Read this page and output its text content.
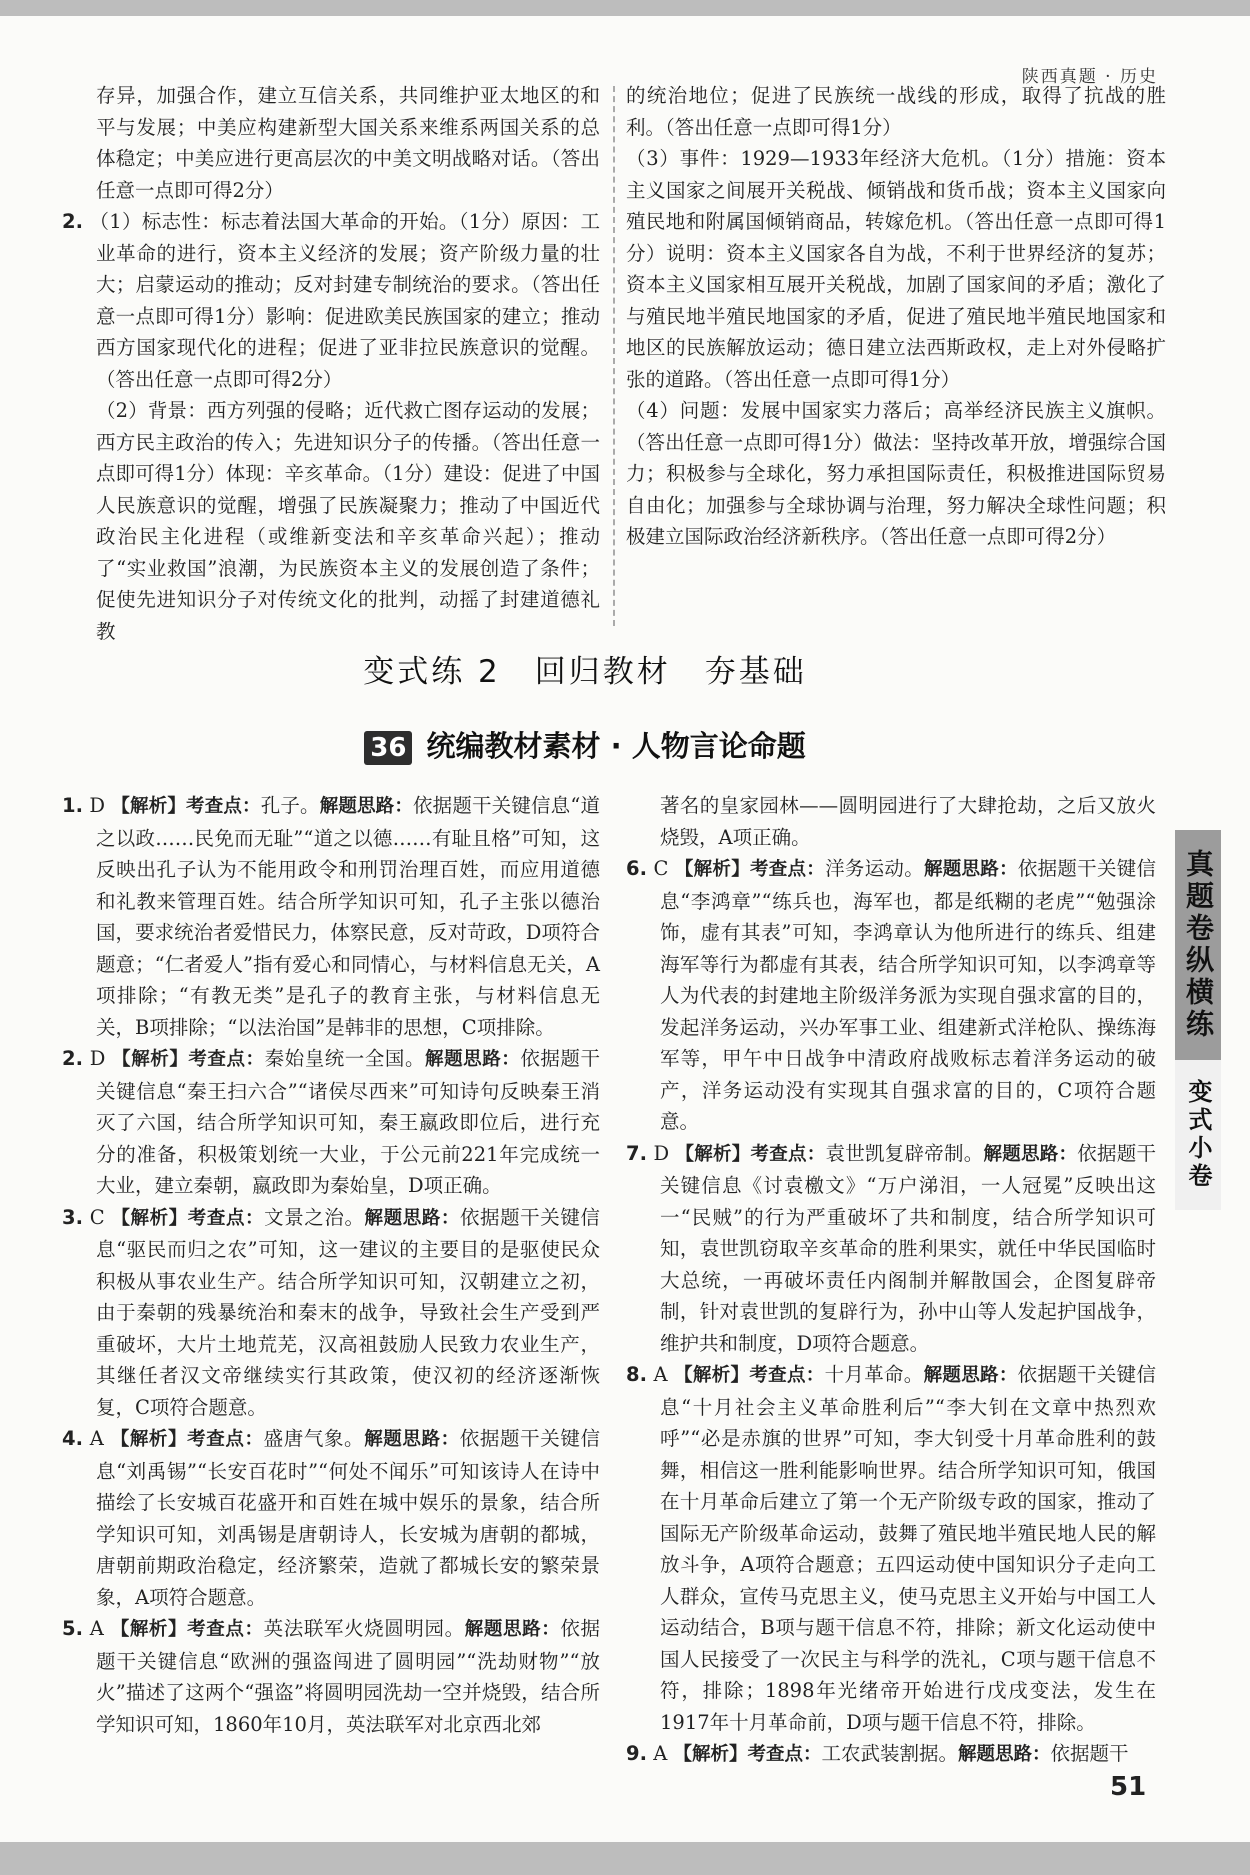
陕西真题 · 历史

存异，加强合作，建立互信关系，共同维护亚太地区的和平与发展；中美应构建新型大国关系来维系两国关系的总体稳定；中美应进行更高层次的中美文明战略对话。（答出任意一点即可得2分）

2. （1）标志性：标志着法国大革命的开始。（1分）原因：工业革命的进行，资本主义经济的发展；资产阶级力量的壮大；启蒙运动的推动；反对封建专制统治的要求。（答出任意一点即可得1分）影响：促进欧美民族国家的建立；推动西方国家现代化的进程；促进了亚非拉民族意识的觉醒。（答出任意一点即可得2分）

（2）背景：西方列强的侵略；近代救亡图存运动的发展；西方民主政治的传入；先进知识分子的传播。（答出任意一点即可得1分）体现：辛亥革命。（1分）建设：促进了中国人民族意识的觉醒，增强了民族凝聚力；推动了中国近代政治民主化进程（或维新变法和辛亥革命兴起）；推动了“实业救国”浪潮，为民族资本主义的发展创造了条件；促使先进知识分子对传统文化的批判，动摇了封建道德礼教

的统治地位；促进了民族统一战线的形成，取得了抗战的胜利。（答出任意一点即可得1分）

（3）事件：1929—1933年经济大危机。（1分）措施：资本主义国家之间展开关税战、倾销战和货币战；资本主义国家向殖民地和附属国倾销商品，转嫁危机。（答出任意一点即可得1分）说明：资本主义国家各自为战，不利于世界经济的复苏；资本主义国家相互展开关税战，加剧了国家间的矛盾；激化了与殖民地半殖民地国家的矛盾，促进了殖民地半殖民地国家和地区的民族解放运动；德日建立法西斯政权，走上对外侵略扩张的道路。（答出任意一点即可得1分）

（4）问题：发展中国家实力落后；高举经济民族主义旗帜。（答出任意一点即可得1分）做法：坚持改革开放，增强综合国力；积极参与全球化，努力承担国际责任，积极推进国际贸易自由化；加强参与全球协调与治理，努力解决全球性问题；积极建立国际政治经济新秩序。（答出任意一点即可得2分）

变式练 2　回归教材　夯基础
36 统编教材素材 · 人物言论命题

1. D 【解析】考查点：孔子。解题思路：依据题干关键信息“道之以政……民免而无耻”“道之以德……有耻且格”可知，这反映出孔子认为不能用政令和刑罚治理百姓，而应用道德和礼教来管理百姓。结合所学知识可知，孔子主张以德治国，要求统治者爱惜民力，体察民意，反对苛政，D项符合题意；“仁者爱人”指有爱心和同情心，与材料信息无关，A项排除；“有教无类”是孔子的教育主张，与材料信息无关，B项排除；“以法治国”是韩非的思想，C项排除。

2. D 【解析】考查点：秦始皇统一全国。解题思路：依据题干关键信息“秦王扫六合”“诸侯尽西来”可知诗句反映秦王消灭了六国，结合所学知识可知，秦王嬴政即位后，进行充分的准备，积极策划统一大业，于公元前221年完成统一大业，建立秦朝，嬴政即为秦始皇，D项正确。

3. C 【解析】考查点：文景之治。解题思路：依据题干关键信息“驱民而归之农”可知，这一建议的主要目的是驱使民众积极从事农业生产。结合所学知识可知，汉朝建立之初，由于秦朝的残暴统治和秦末的战争，导致社会生产受到严重破坏，大片土地荒芜，汉高祖鼓励人民致力农业生产，其继任者汉文帝继续实行其政策，使汉初的经济逐渐恢复，C项符合题意。

4. A 【解析】考查点：盛唐气象。解题思路：依据题干关键信息“刘禹锡”“长安百花时”“何处不闻乐”可知该诗人在诗中描绘了长安城百花盛开和百姓在城中娱乐的景象，结合所学知识可知，刘禹锡是唐朝诗人，长安城为唐朝的都城，唐朝前期政治稳定，经济繁荣，造就了都城长安的繁荣景象，A项符合题意。

5. A 【解析】考查点：英法联军火烧圆明园。解题思路：依据题干关键信息“欧洲的强盗闯进了圆明园”“洗劫财物”“放火”描述了这两个“强盗”将圆明园洗劫一空并烧毁，结合所学知识可知，1860年10月，英法联军对北京西北郊

著名的皇家园林——圆明园进行了大肆抢劫，之后又放火烧毁，A项正确。

6. C 【解析】考查点：洋务运动。解题思路：依据题干关键信息“李鸿章”“练兵也，海军也，都是纸糊的老虎”“勉强涂饰，虚有其表”可知，李鸿章认为他所进行的练兵、组建海军等行为都虚有其表，结合所学知识可知，以李鸿章等人为代表的封建地主阶级洋务派为实现自强求富的目的，发起洋务运动，兴办军事工业、组建新式洋枪队、操练海军等，甲午中日战争中清政府战败标志着洋务运动的破产，洋务运动没有实现其自强求富的目的，C项符合题意。

7. D 【解析】考查点：袁世凯复辟帝制。解题思路：依据题干关键信息《讨袁檄文》“万户涕泪，一人冠冕”反映出这一“民贼”的行为严重破坏了共和制度，结合所学知识可知，袁世凯窃取辛亥革命的胜利果实，就任中华民国临时大总统，一再破坏责任内阁制并解散国会，企图复辟帝制，针对袁世凯的复辟行为，孙中山等人发起护国战争，维护共和制度，D项符合题意。

8. A 【解析】考查点：十月革命。解题思路：依据题干关键信息“十月社会主义革命胜利后”“李大钊在文章中热烈欢呼”“必是赤旗的世界”可知，李大钊受十月革命胜利的鼓舞，相信这一胜利能影响世界。结合所学知识可知，俄国在十月革命后建立了第一个无产阶级专政的国家，推动了国际无产阶级革命运动，鼓舞了殖民地半殖民地人民的解放斗争，A项符合题意；五四运动使中国知识分子走向工人群众，宣传马克思主义，使马克思主义开始与中国工人运动结合，B项与题干信息不符，排除；新文化运动使中国人民接受了一次民主与科学的洗礼，C项与题干信息不符，排除；1898年光绪帝开始进行戊戌变法，发生在1917年十月革命前，D项与题干信息不符，排除。

9. A 【解析】考查点：工农武装割据。解题思路：依据题干

真题卷纵横练
变式小卷
51
